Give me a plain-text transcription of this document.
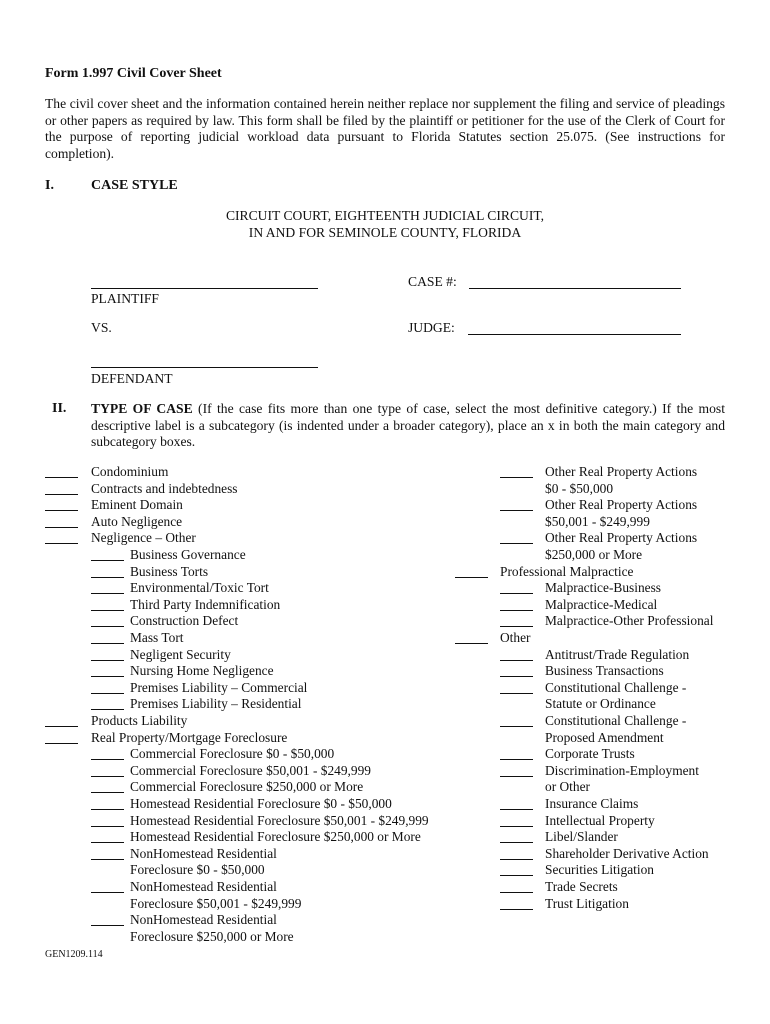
Form 1.997 Civil Cover Sheet
The civil cover sheet and the information contained herein neither replace nor supplement the filing and service of pleadings or other papers as required by law. This form shall be filed by the plaintiff or petitioner for the use of the Clerk of Court for the purpose of reporting judicial workload data pursuant to Florida Statutes section 25.075. (See instructions for completion).
I.	CASE STYLE
CIRCUIT COURT, EIGHTEENTH JUDICIAL CIRCUIT,
IN AND FOR SEMINOLE COUNTY, FLORIDA
PLAINTIFF
CASE #:
VS.	JUDGE:
DEFENDANT
II. TYPE OF CASE (If the case fits more than one type of case, select the most definitive category.) If the most descriptive label is a subcategory (is indented under a broader category), place an x in both the main category and subcategory boxes.
Condominium
Contracts and indebtedness
Eminent Domain
Auto Negligence
Negligence – Other
Business Governance
Business Torts
Environmental/Toxic Tort
Third Party Indemnification
Construction Defect
Mass Tort
Negligent Security
Nursing Home Negligence
Premises Liability – Commercial
Premises Liability – Residential
Products Liability
Real Property/Mortgage Foreclosure
Commercial Foreclosure $0 - $50,000
Commercial Foreclosure $50,001 - $249,999
Commercial Foreclosure $250,000 or More
Homestead Residential Foreclosure $0 - $50,000
Homestead Residential Foreclosure $50,001 - $249,999
Homestead Residential Foreclosure $250,000 or More
NonHomestead Residential
Foreclosure $0 - $50,000
NonHomestead Residential
Foreclosure $50,001 - $249,999
NonHomestead Residential
Foreclosure $250,000 or More
Other Real Property Actions
$0 - $50,000
Other Real Property Actions
$50,001 - $249,999
Other Real Property Actions
$250,000 or More
Professional Malpractice
Malpractice-Business
Malpractice-Medical
Malpractice-Other Professional
Other
Antitrust/Trade Regulation
Business Transactions
Constitutional Challenge -
Statute or Ordinance
Constitutional Challenge -
Proposed Amendment
Corporate Trusts
Discrimination-Employment
or Other
Insurance Claims
Intellectual Property
Libel/Slander
Shareholder Derivative Action
Securities Litigation
Trade Secrets
Trust Litigation
GEN1209.114
